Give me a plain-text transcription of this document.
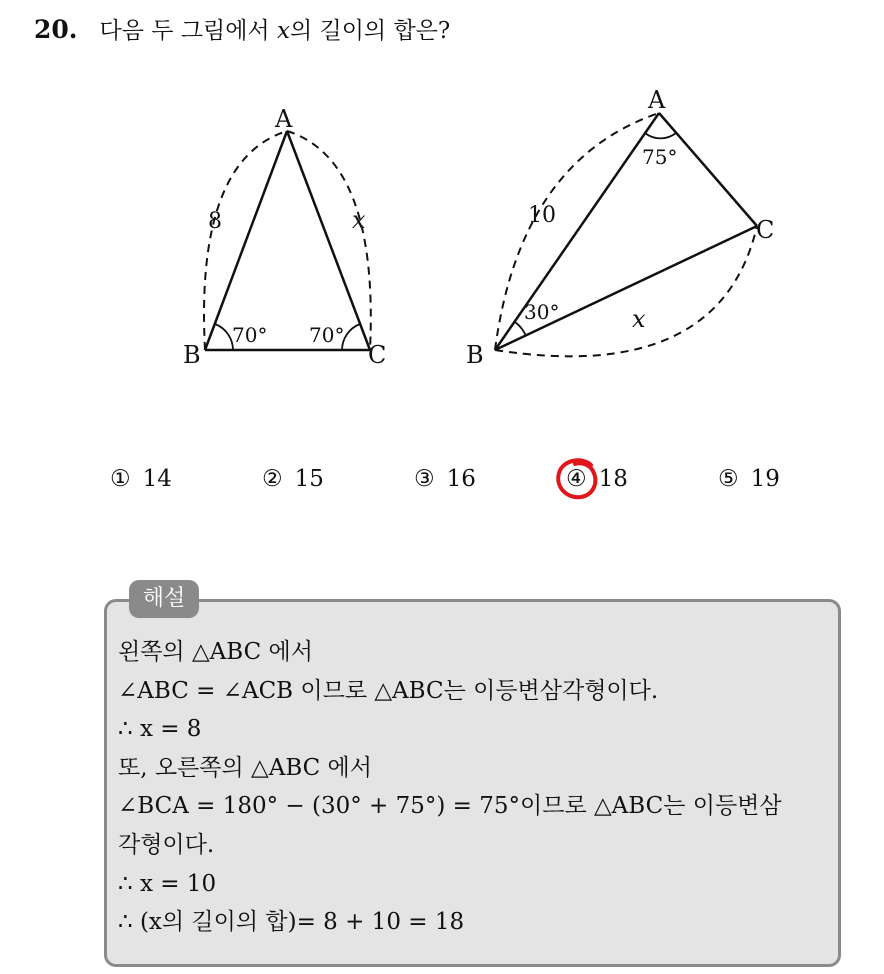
20. 다음 두 그림에서 x의 길이의 합은?
A
B	C
8	x
70° 70°
A
B
C
10
x
75°
30°
① 14	② 15	③ 16	④ 18	⑤ 19
해설
왼쪽의 △ABC 에서
∠ABC = ∠ACB 이므로 △ABC는 이등변삼각형이다.
∴ x = 8
또, 오른쪽의 △ABC 에서
∠BCA = 180° − (30° + 75°) = 75°이므로 △ABC는 이등변삼
각형이다.
∴ x = 10
∴ (x의 길이의 합)= 8 + 10 = 18
